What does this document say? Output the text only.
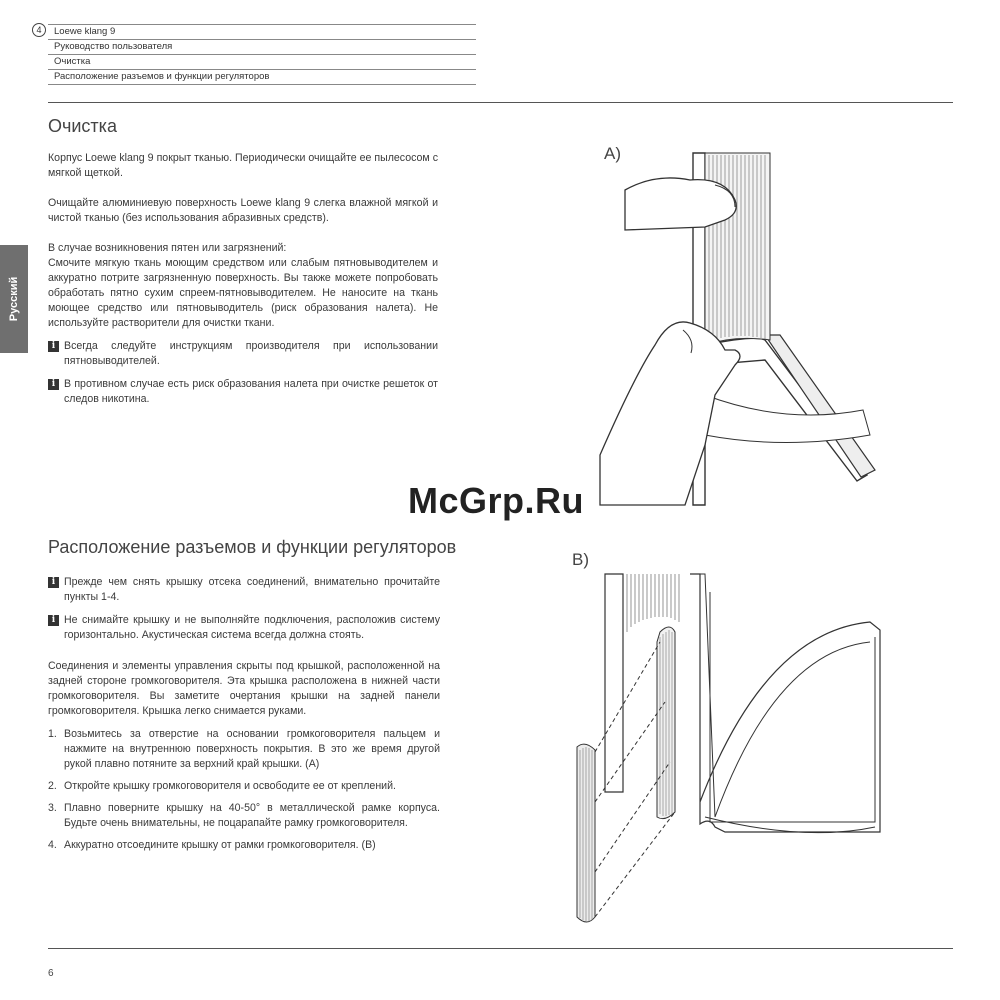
4	Loewe klang 9
Руководство пользователя
Очистка
Расположение разъемов и функции регуляторов
Русский
Очистка

Корпус Loewe klang 9 покрыт тканью. Периодически очищайте ее пылесосом с мягкой щеткой.

Очищайте алюминиевую поверхность Loewe klang 9 слегка влажной мягкой и чистой тканью (без использования абразивных средств).

В случае возникновения пятен или загрязнений:

Смочите мягкую ткань моющим средством или слабым пятновыводителем и аккуратно потрите загрязненную поверхность. Вы также можете попробовать обработать пятно сухим спреем-пятновыводителем. Не наносите на ткань моющее средство или пятновыводитель (риск образования налета). Не используйте растворители для очистки ткани.

i Всегда следуйте инструкциям производителя при использовании пятновыводителей.

i В противном случае есть риск образования налета при очистке решеток от следов никотина.

A)
McGrp.Ru
Расположение разъемов и функции регуляторов

i Прежде чем снять крышку отсека соединений, внимательно прочитайте пункты 1-4.

i Не снимайте крышку и не выполняйте подключения, расположив систему горизонтально. Акустическая система всегда должна стоять.

Соединения и элементы управления скрыты под крышкой, расположенной на задней стороне громкоговорителя. Эта крышка расположена в нижней части громкоговорителя. Вы заметите очертания крышки на задней панели громкоговорителя. Крышка легко снимается руками.

1. Возьмитесь за отверстие на основании громкоговорителя пальцем и нажмите на внутреннюю поверхность покрытия. В это же время другой рукой плавно потяните за верхний край крышки. (A)
2. Откройте крышку громкоговорителя и освободите ее от креплений.
3. Плавно поверните крышку на 40-50° в металлической рамке корпуса. Будьте очень внимательны, не поцарапайте рамку громкоговорителя.
4. Аккуратно отсоедините крышку от рамки громкоговорителя. (B)
B)
6
